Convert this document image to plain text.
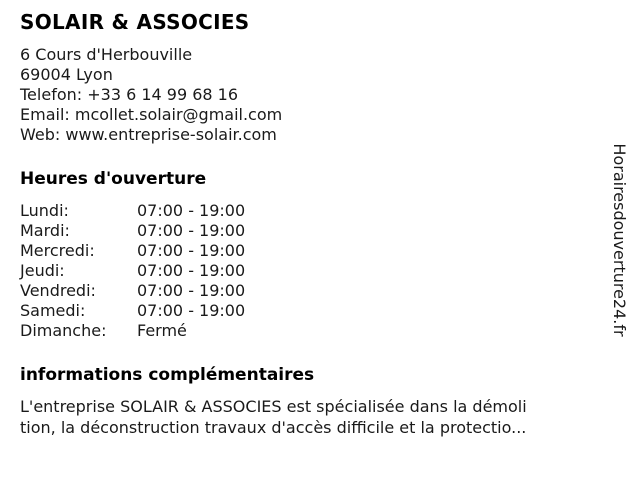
SOLAIR & ASSOCIES
6 Cours d'Herbouville
69004 Lyon
Telefon: +33 6 14 99 68 16
Email: mcollet.solair@gmail.com
Web: www.entreprise-solair.com
Heures d'ouverture
Lundi:	07:00 - 19:00
Mardi:	07:00 - 19:00
Mercredi:	07:00 - 19:00
Jeudi:	07:00 - 19:00
Vendredi:	07:00 - 19:00
Samedi:	07:00 - 19:00
Dimanche:	Fermé
informations complémentaires
L'entreprise SOLAIR & ASSOCIES est spécialisée dans la démoli
tion, la déconstruction travaux d'accès difficile et la protectio...
Horairesdouverture24.fr
